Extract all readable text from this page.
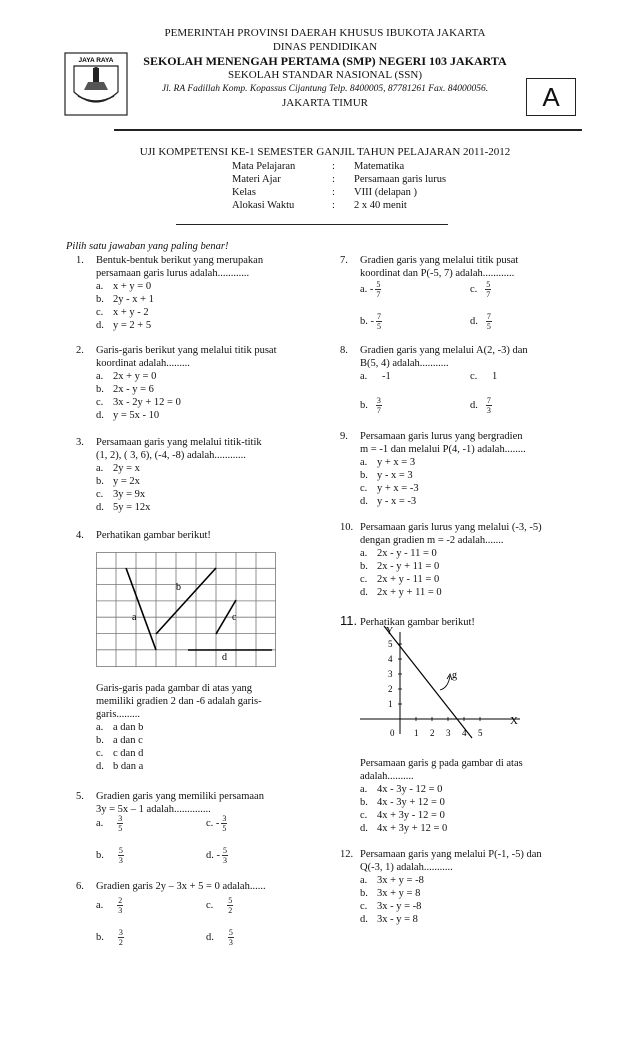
JAYA RAYA
PEMERINTAH PROVINSI DAERAH KHUSUS IBUKOTA JAKARTA
DINAS PENDIDIKAN
SEKOLAH MENENGAH PERTAMA (SMP) NEGERI 103 JAKARTA
SEKOLAH STANDAR NASIONAL (SSN)
Jl. RA Fadillah Komp. Kopassus Cijantung Telp. 8400005, 87781261 Fax. 84000056.
JAKARTA TIMUR	A
UJI KOMPETENSI KE-1 SEMESTER GANJIL TAHUN PELAJARAN 2011-2012
Mata Pelajaran	:	Matematika
Materi Ajar	:	Persamaan garis lurus
Kelas	:	VIII (delapan )
Alokasi Waktu	:	2 x 40 menit
Pilih satu jawaban yang paling benar!
1. Bentuk-bentuk berikut yang merupakan
persamaan garis lurus adalah............
a. x + y = 0
b. 2y - x + 1
c. x + y - 2
d. y = 2 + 5
2. Garis-garis berikut yang melalui titik pusat
koordinat adalah.........
a. 2x + y = 0
b. 2x - y = 6
c. 3x - 2y + 12 = 0
d. y = 5x - 10
3. Persamaan garis yang melalui titik-titik
(1, 2), ( 3, 6), (-4, -8) adalah............
a. 2y = x
b. y = 2x
c. 3y = 9x
d. 5y = 12x
4. Perhatikan gambar berikut!
a
b
c
d
Garis-garis pada gambar di atas yang
memiliki gradien 2 dan -6 adalah garis-
garis.........
a. a dan b
b. a dan c
c. c dan d
d. b dan a
5. Gradien garis yang memiliki persamaan
3y = 5x – 1 adalah..............
a. $\frac{3}{5}$	c. - $\frac{3}{5}$
b. $\frac{5}{3}$	d. - $\frac{5}{3}$
6. Gradien garis 2y – 3x + 5 = 0 adalah......
a. $\frac{2}{3}$	c. $\frac{5}{2}$
b. $\frac{3}{2}$	d. $\frac{5}{3}$
7. Gradien garis yang melalui titik pusat
koordinat dan P(-5, 7) adalah............
a. - $\frac{5}{7}$	c. $\frac{5}{7}$
b. - $\frac{7}{5}$	d. $\frac{7}{5}$
8. Gradien garis yang melalui A(2, -3) dan
B(5, 4) adalah...........
a. -1	c. 1
b. $\frac{3}{7}$	d. $\frac{7}{3}$
9. Persamaan garis lurus yang bergradien
m = -1 dan melalui P(4, -1) adalah........
a. y + x = 3
b. y - x = 3
c. y + x = -3
d. y - x = -3
10. Persamaan garis lurus yang melalui (-3, -5)
dengan gradien m = -2 adalah.......
a. 2x - y - 11 = 0
b. 2x - y + 11 = 0
c. 2x + y - 11 = 0
d. 2x + y + 11 = 0
11. Perhatikan gambar berikut!
Y
X
g
0 1 2 3 4 5
1
2
3
4
5
Persamaan garis g pada gambar di atas
adalah..........
a. 4x - 3y - 12 = 0
b. 4x - 3y + 12 = 0
c. 4x + 3y - 12 = 0
d. 4x + 3y + 12 = 0
12. Persamaan garis yang melalui P(-1, -5) dan
Q(-3, 1) adalah...........
a. 3x + y = -8
b. 3x + y = 8
c. 3x - y = -8
d. 3x - y = 8
